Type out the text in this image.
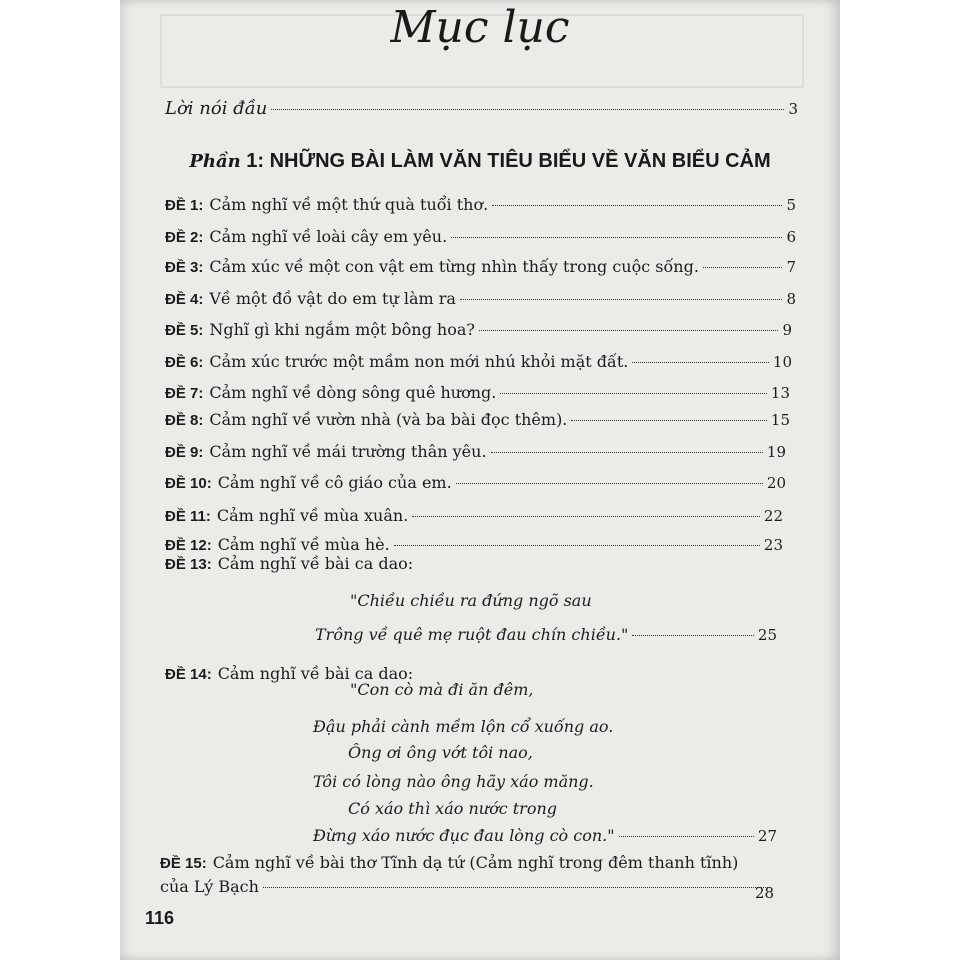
Mục lục
Lời nói đầu	3
Phần 1: NHỮNG BÀI LÀM VĂN TIÊU BIỂU VỀ VĂN BIỂU CẢM
ĐỀ 1: Cảm nghĩ về một thứ quà tuổi thơ.	5
ĐỀ 2: Cảm nghĩ về loài cây em yêu.	6
ĐỀ 3: Cảm xúc về một con vật em từng nhìn thấy trong cuộc sống.	7
ĐỀ 4: Về một đồ vật do em tự làm ra	8
ĐỀ 5: Nghĩ gì khi ngắm một bông hoa?	9
ĐỀ 6: Cảm xúc trước một mầm non mới nhú khỏi mặt đất.	10
ĐỀ 7: Cảm nghĩ về dòng sông quê hương.	13
ĐỀ 8: Cảm nghĩ về vườn nhà (và ba bài đọc thêm).	15
ĐỀ 9: Cảm nghĩ về mái trường thân yêu.	19
ĐỀ 10: Cảm nghĩ về cô giáo của em.	20
ĐỀ 11: Cảm nghĩ về mùa xuân.	22
ĐỀ 12: Cảm nghĩ về mùa hè.	23
ĐỀ 13: Cảm nghĩ về bài ca dao:
"Chiều chiều ra đứng ngõ sau
Trông về quê mẹ ruột đau chín chiều."	25
ĐỀ 14: Cảm nghĩ về bài ca dao:
"Con cò mà đi ăn đêm,
Đậu phải cành mềm lộn cổ xuống ao.
Ông ơi ông vớt tôi nao,
Tôi có lòng nào ông hãy xáo măng.
Có xáo thì xáo nước trong
Đừng xáo nước đục đau lòng cò con."	27
ĐỀ 15: Cảm nghĩ về bài thơ Tĩnh dạ tứ (Cảm nghĩ trong đêm thanh tĩnh)
của Lý Bạch	28
116
